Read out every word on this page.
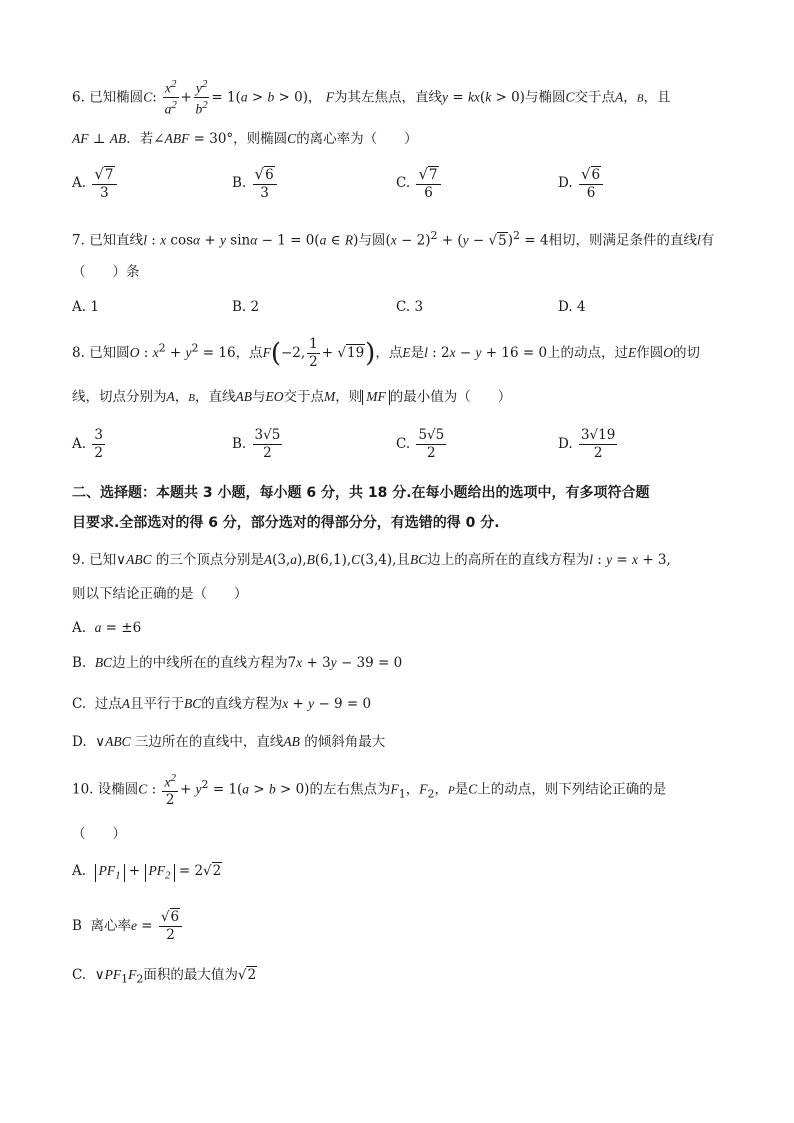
6. 已知椭圆C: $\frac{x^2}{a^2} + \frac{y^2}{b^2} = 1(a > b > 0)$， F为其左焦点，直线y = kx(k > 0)与椭圆C交于点A，B，且
AF ⊥ AB．若∠ABF = 30°，则椭圆C的离心率为（　　）
A. $\frac{√7}{3}$	B. $\frac{√6}{3}$	C. $\frac{√7}{6}$	D. $\frac{√6}{6}$
7. 已知直线l : x cosα + y sinα − 1 = 0(a ∈ R)与圆$(x - 2)^2 + (y - √5)^2 = 4$相切，则满足条件的直线l有
（　　）条
A. 1	B. 2	C. 3	D. 4
8. 已知圆O : $x^2 + y^2 = 16$，点F(−2, $\frac{1}{2} + √19$)，点E是l : 2x − y + 16 = 0上的动点，过E作圆O的切
线，切点分别为A，B，直线AB与EO交于点M，则 MF 的最小值为（　　）
A. $\frac{3}{2}$	B. $\frac{3√5}{2}$	C. $\frac{5√5}{2}$	D. $\frac{3√19}{2}$
二、选择题：本题共 3 小题，每小题 6 分，共 18 分.在每小题给出的选项中，有多项符合题
目要求.全部选对的得 6 分，部分选对的得部分分，有选错的得 0 分.
9. 已知∨ABC 的三个顶点分别是A(3,a),B(6,1),C(3,4),且BC边上的高所在的直线方程为l : y = x + 3,
则以下结论正确的是（　　）
A. a = ±6
B. BC边上的中线所在的直线方程为7x + 3y − 39 = 0
C. 过点A且平行于BC的直线方程为x + y − 9 = 0
D. ∨ABC 三边所在的直线中，直线AB 的倾斜角最大
10. 设椭圆C : $\frac{x^2}{2} + y^2 = 1(a > b > 0)$的左右焦点为$F_1$，$F_2$，P是C上的动点，则下列结论正确的是
（　　）
A. $PF_1 + PF_2 = 2√2$
B 离心率$e = \frac{√6}{2}$
C. $\vee PF_1F_2$面积的最大值为√2
